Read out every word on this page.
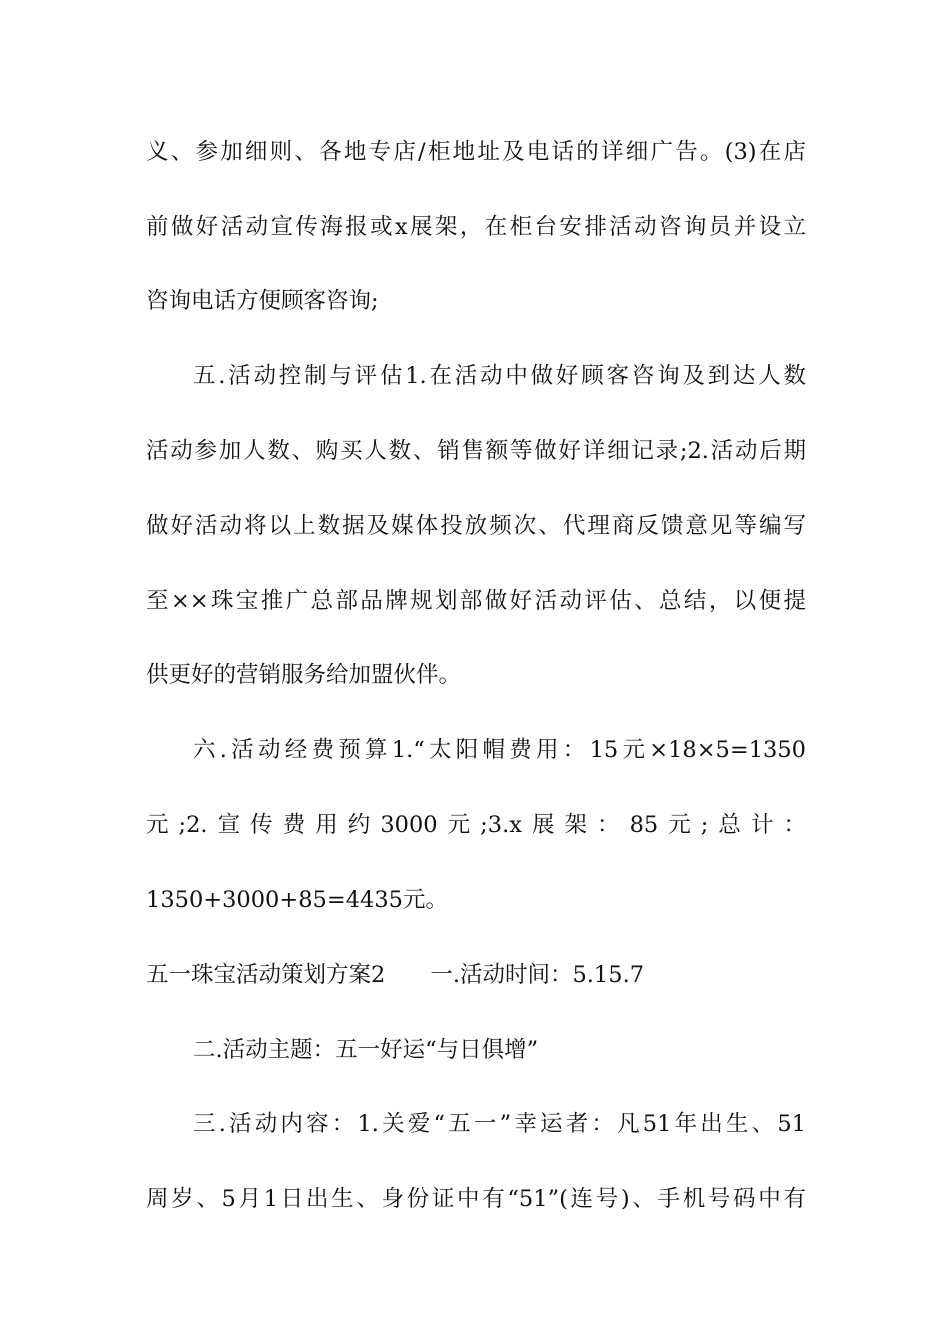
义、参加细则、各地专店/柜地址及电话的详细广告。(3)在店
前做好活动宣传海报或x展架，在柜台安排活动咨询员并设立
咨询电话方便顾客咨询;
五.活动控制与评估1.在活动中做好顾客咨询及到达人数
活动参加人数、购买人数、销售额等做好详细记录;2.活动后期
做好活动将以上数据及媒体投放频次、代理商反馈意见等编写
至××珠宝推广总部品牌规划部做好活动评估、总结，以便提
供更好的营销服务给加盟伙伴。
六.活动经费预算1.“太阳帽费用：15元×18×5=1350
元;2.宣传费用约3000元;3.x展架：85元;总计：
1350+3000+85=4435元。
五一珠宝活动策划方案2　　一.活动时间：5.15.7
二.活动主题：五一好运“与日俱增”
三.活动内容：1.关爱“五一”幸运者：凡51年出生、51
周岁、5月1日出生、身份证中有“51”(连号)、手机号码中有
